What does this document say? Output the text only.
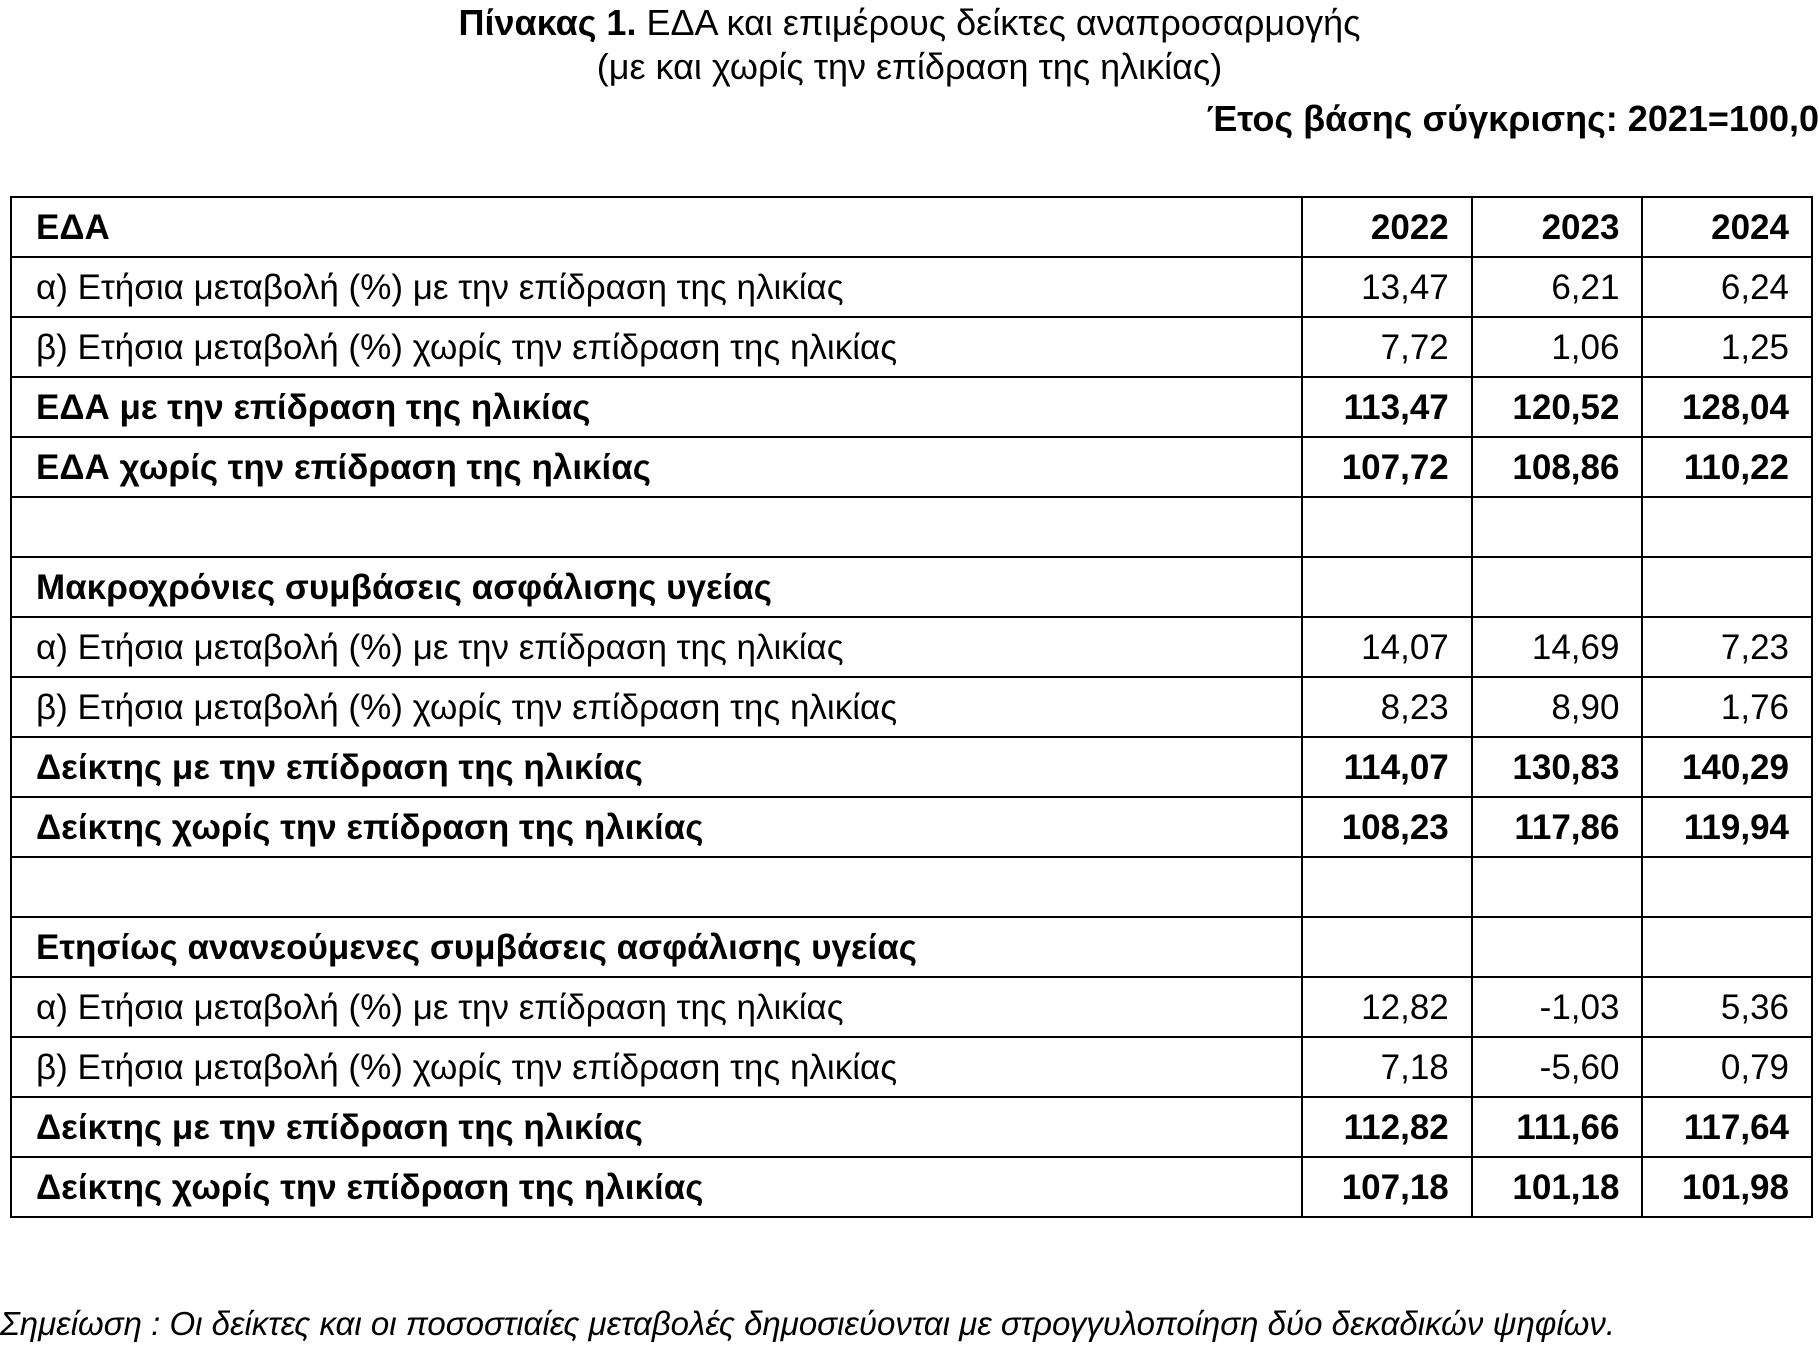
Πίνακας 1. ΕΔΑ και επιμέρους δείκτες αναπροσαρμογής
(με και χωρίς την επίδραση της ηλικίας)
Έτος βάσης σύγκρισης: 2021=100,0
ΕΔΑ	2022	2023	2024
α) Ετήσια μεταβολή (%) με την επίδραση της ηλικίας	13,47	6,21	6,24
β) Ετήσια μεταβολή (%) χωρίς την επίδραση της ηλικίας	7,72	1,06	1,25
ΕΔΑ με την επίδραση της ηλικίας	113,47	120,52	128,04
ΕΔΑ χωρίς την επίδραση της ηλικίας	107,72	108,86	110,22

Μακροχρόνιες συμβάσεις ασφάλισης υγείας			
α) Ετήσια μεταβολή (%) με την επίδραση της ηλικίας	14,07	14,69	7,23
β) Ετήσια μεταβολή (%) χωρίς την επίδραση της ηλικίας	8,23	8,90	1,76
Δείκτης με την επίδραση της ηλικίας	114,07	130,83	140,29
Δείκτης χωρίς την επίδραση της ηλικίας	108,23	117,86	119,94

Ετησίως ανανεούμενες συμβάσεις ασφάλισης υγείας			
α) Ετήσια μεταβολή (%) με την επίδραση της ηλικίας	12,82	-1,03	5,36
β) Ετήσια μεταβολή (%) χωρίς την επίδραση της ηλικίας	7,18	-5,60	0,79
Δείκτης με την επίδραση της ηλικίας	112,82	111,66	117,64
Δείκτης χωρίς την επίδραση της ηλικίας	107,18	101,18	101,98
Σημείωση : Οι δείκτες και οι ποσοστιαίες μεταβολές δημοσιεύονται με στρογγυλοποίηση δύο δεκαδικών ψηφίων.
